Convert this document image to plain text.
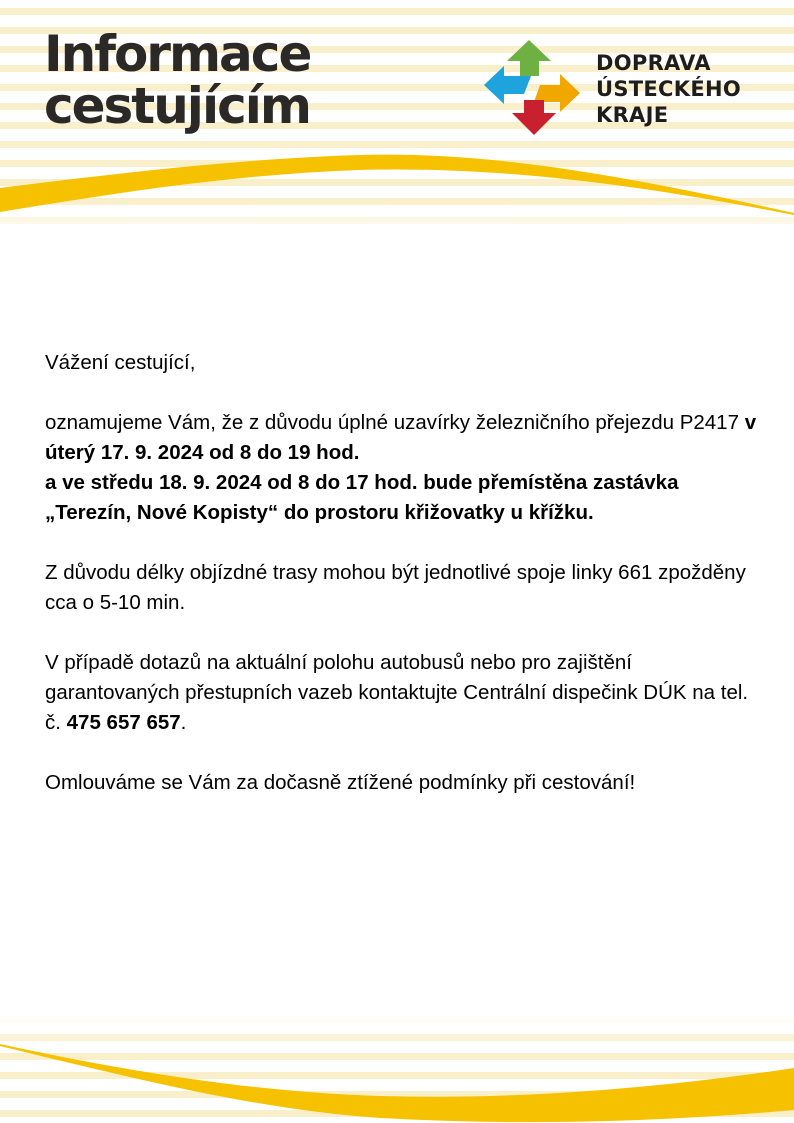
Informace
cestujícím
DOPRAVA
ÚSTECKÉHO
KRAJE

Vážení cestující,

oznamujeme Vám, že z důvodu úplné uzavírky železničního přejezdu P2417 v úterý 17. 9. 2024 od 8 do 19 hod.
a ve středu 18. 9. 2024 od 8 do 17 hod. bude přemístěna zastávka „Terezín, Nové Kopisty“ do prostoru křižovatky u křížku.

Z důvodu délky objízdné trasy mohou být jednotlivé spoje linky 661 zpožděny cca o 5-10 min.

V případě dotazů na aktuální polohu autobusů nebo pro zajištění garantovaných přestupních vazeb kontaktujte Centrální dispečink DÚK na tel. č. 475 657 657.

Omlouváme se Vám za dočasně ztížené podmínky při cestování!
